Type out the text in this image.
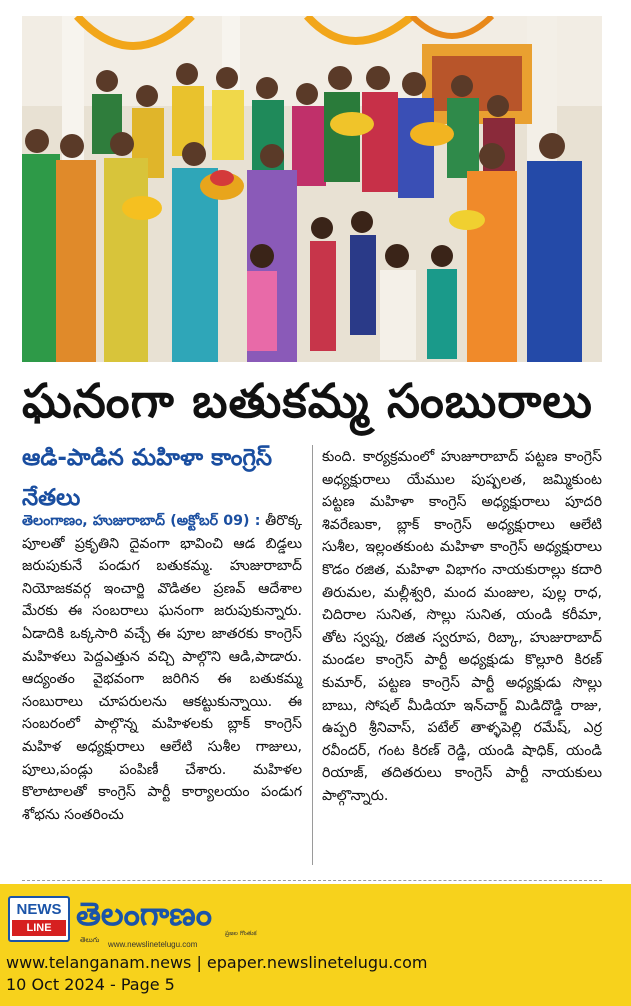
ఘనంగా బతుకమ్మ సంబురాలు
ఆడి-పాడిన మహిళా కాంగ్రెస్ నేతలు
తెలంగాణం, హుజురాబాద్ (అక్టోబర్ 09) : తీరొక్క పూలతో ప్రకృతిని దైవంగా భావించి ఆడ బిడ్డలు జరుపుకునే పండుగ బతుకమ్మ. హుజురాబాద్ నియోజకవర్గ ఇంచార్జి వొడితల ప్రణవ్ ఆదేశాల మేరకు ఈ సంబరాలు ఘనంగా జరుపుకున్నారు. ఏడాదికి ఒక్కసారి వచ్చే ఈ పూల జాతరకు కాంగ్రెస్ మహిళలు పెద్దఎత్తున వచ్చి పాల్గొని ఆడి,పాడారు. ఆద్యంతం వైభవంగా జరిగిన ఈ బతుకమ్మ సంబురాలు చూపరులను ఆకట్టుకున్నాయి. ఈ సంబరంలో పాల్గొన్న మహిళలకు బ్లాక్ కాంగ్రెస్ మహిళ అధ్యక్షురాలు ఆలేటి సుశీల గాజులు, పూలు,పండ్లు పంపిణీ చేశారు. మహిళల కొలాటాలతో కాంగ్రెస్ పార్టీ కార్యాలయం పండుగ శోభను సంతరించు
కుంది. కార్యక్రమంలో హుజూరాబాద్ పట్టణ కాంగ్రెస్ అధ్యక్షురాలు యేముల పుష్పలత, జమ్మికుంట పట్టణ మహిళా కాంగ్రెస్ అధ్యక్షురాలు పూదరి శివరేణుకా, బ్లాక్ కాంగ్రెస్ అధ్యక్షురాలు ఆలేటి సుశీల, ఇల్లంతకుంట మహిళా కాంగ్రెస్ అధ్యక్షురాలు కొడం రజిత, మహిళా విభాగం నాయకురాల్లు కదారి తిరుమల, మల్లీశ్వరి, మంద మంజుల, పుల్ల రాధ, చిదిరాల సునిత, సొల్లు సునిత, యండి కరీమా, తోట స్వప్న, రజిత స్వరూప, రిబ్కా, హుజురాబాద్ మండల కాంగ్రెస్ పార్టీ అధ్యక్షుడు కొల్లూరి కిరణ్ కుమార్, పట్టణ కాంగ్రెస్ పార్టీ అధ్యక్షుడు సొల్లు బాబు, సోషల్ మీడియా ఇన్‌చార్జ్ మిడిదొడ్డి రాజు, ఉప్పరి శ్రీనివాస్, పటేల్ తాళ్ళపెల్లి రమేష్, ఎర్ర రవీందర్, గంట కిరణ్ రెడ్డి, యండి షాధిక్, యండి రియాజ్, తదితరులు కాంగ్రెస్ పార్టీ నాయకులు పాల్గొన్నారు.
NEWS
LINE తెలంగాణం
తెలుగు
ప్రజల గొంతుక
www.newslinetelugu.com
www.telanganam.news | epaper.newslinetelugu.com
10 Oct 2024 - Page 5
